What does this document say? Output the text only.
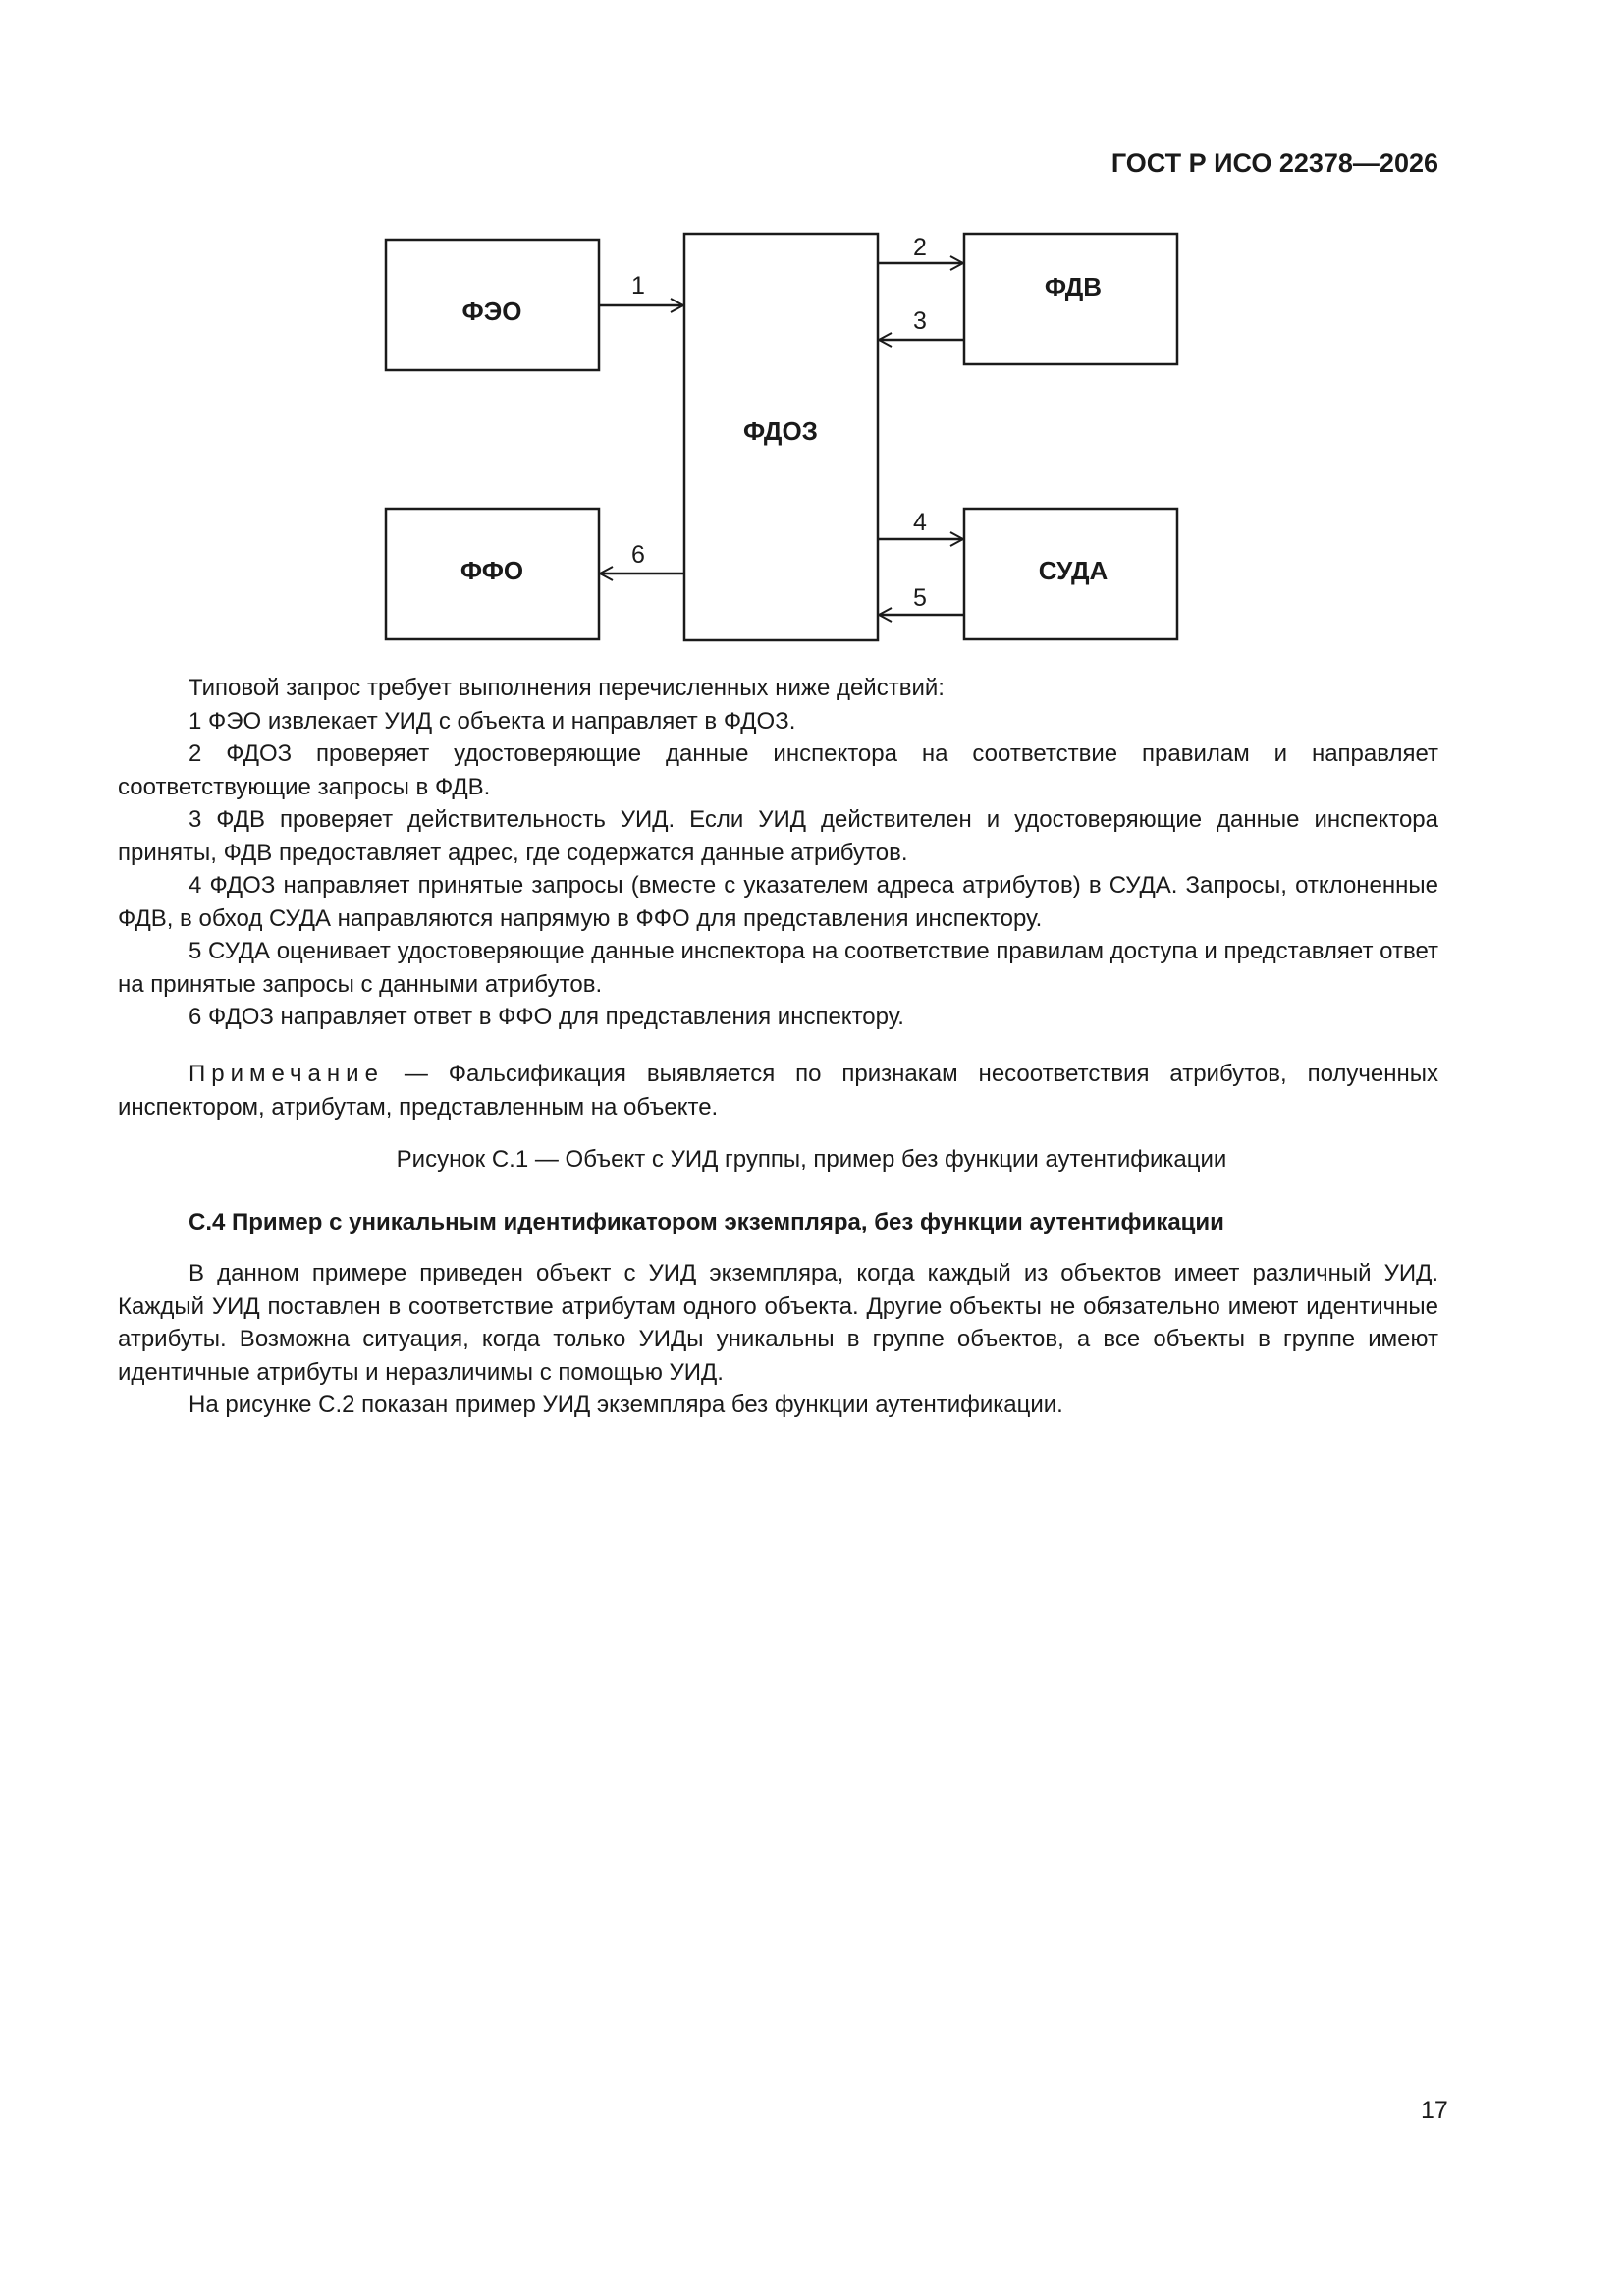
ГОСТ Р ИСО 22378—2026
ФЭО
ФФО
ФДОЗ
ФДВ
СУДА
1
2
3
4
5
6

Типовой запрос требует выполнения перечисленных ниже действий:

1 ФЭО извлекает УИД с объекта и направляет в ФДОЗ.

2 ФДОЗ проверяет удостоверяющие данные инспектора на соответствие правилам и направляет соответствующие запросы в ФДВ.

3 ФДВ проверяет действительность УИД. Если УИД действителен и удостоверяющие данные инспектора приняты, ФДВ предоставляет адрес, где содержатся данные атрибутов.

4 ФДОЗ направляет принятые запросы (вместе с указателем адреса атрибутов) в СУДА. Запросы, отклоненные ФДВ, в обход СУДА направляются напрямую в ФФО для представления инспектору.

5 СУДА оценивает удостоверяющие данные инспектора на соответствие правилам доступа и представляет ответ на принятые запросы с данными атрибутов.

6 ФДОЗ направляет ответ в ФФО для представления инспектору.

Примечание — Фальсификация выявляется по признакам несоответствия атрибутов, полученных инспектором, атрибутам, представленным на объекте.

Рисунок С.1 — Объект с УИД группы, пример без функции аутентификации
С.4 Пример с уникальным идентификатором экземпляра, без функции аутентификации

В данном примере приведен объект с УИД экземпляра, когда каждый из объектов имеет различный УИД. Каждый УИД поставлен в соответствие атрибутам одного объекта. Другие объекты не обязательно имеют идентичные атрибуты. Возможна ситуация, когда только УИДы уникальны в группе объектов, а все объекты в группе имеют идентичные атрибуты и неразличимы с помощью УИД.

На рисунке С.2 показан пример УИД экземпляра без функции аутентификации.

17
